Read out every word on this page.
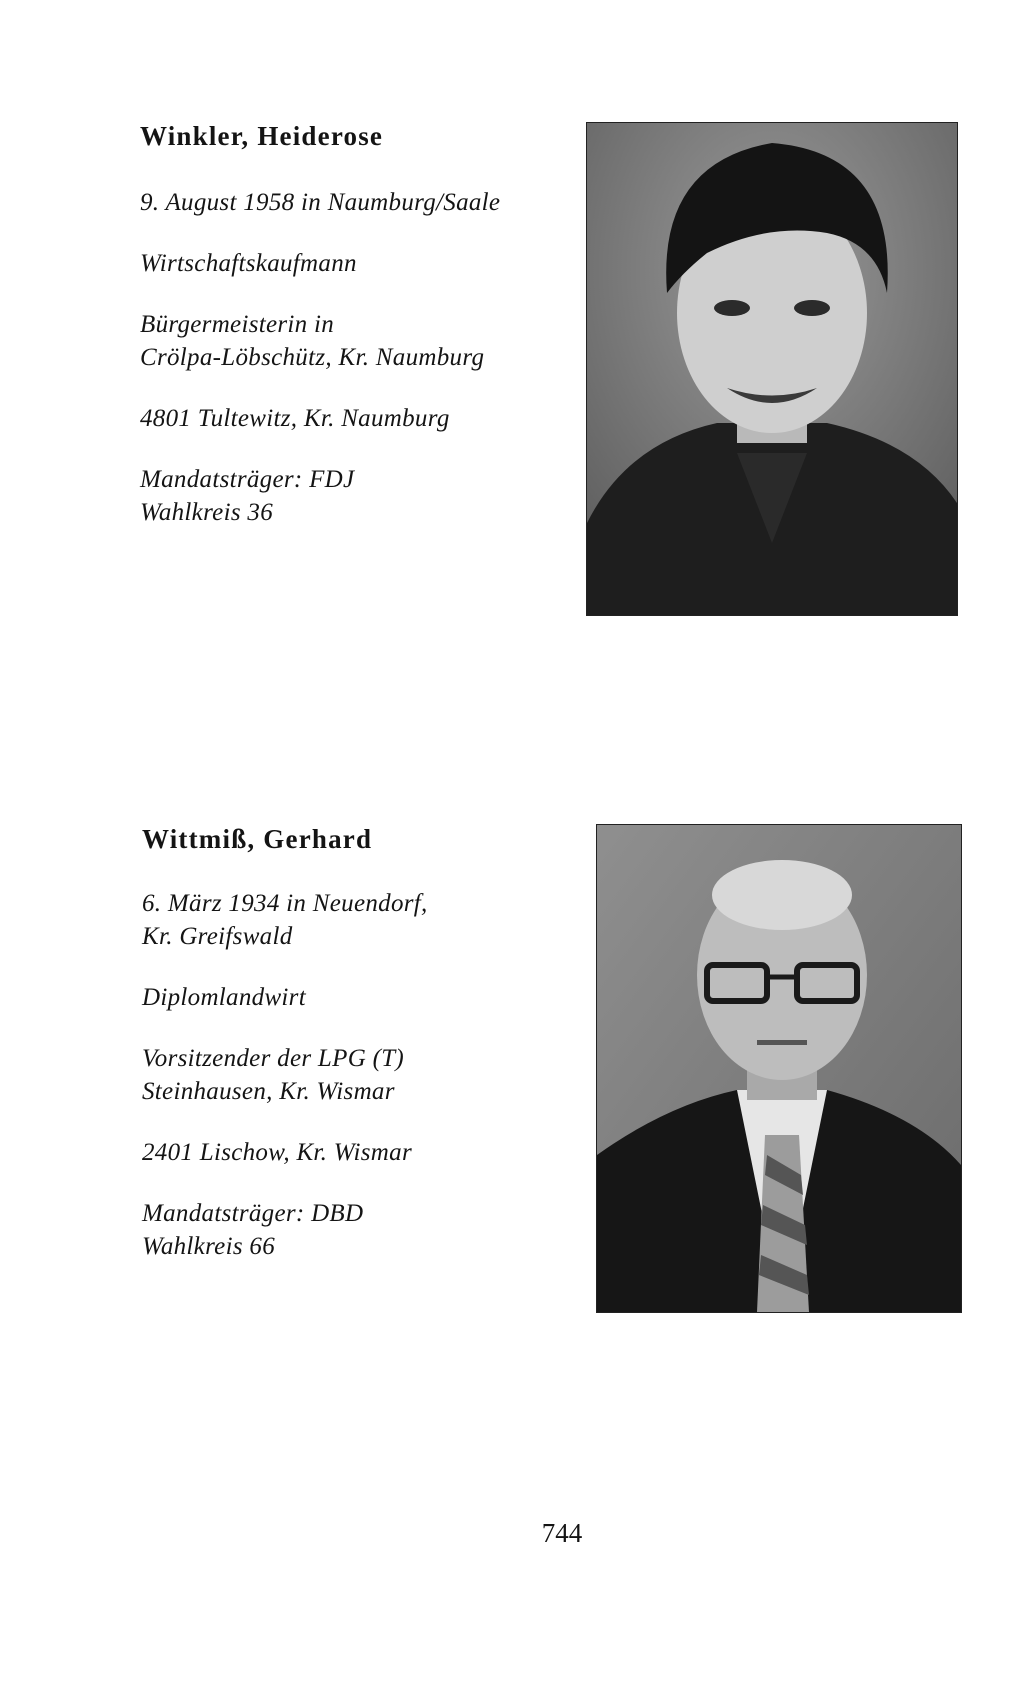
Winkler, Heiderose

9. August 1958 in Naumburg/Saale

Wirtschaftskaufmann

Bürgermeisterin in

Crölpa-Löbschütz, Kr. Naumburg

4801 Tultewitz, Kr. Naumburg

Mandatsträger: FDJ

Wahlkreis 36

Wittmiß, Gerhard

6. März 1934 in Neuendorf,

Kr. Greifswald

Diplomlandwirt

Vorsitzender der LPG (T)

Steinhausen, Kr. Wismar

2401 Lischow, Kr. Wismar

Mandatsträger: DBD

Wahlkreis 66

744
